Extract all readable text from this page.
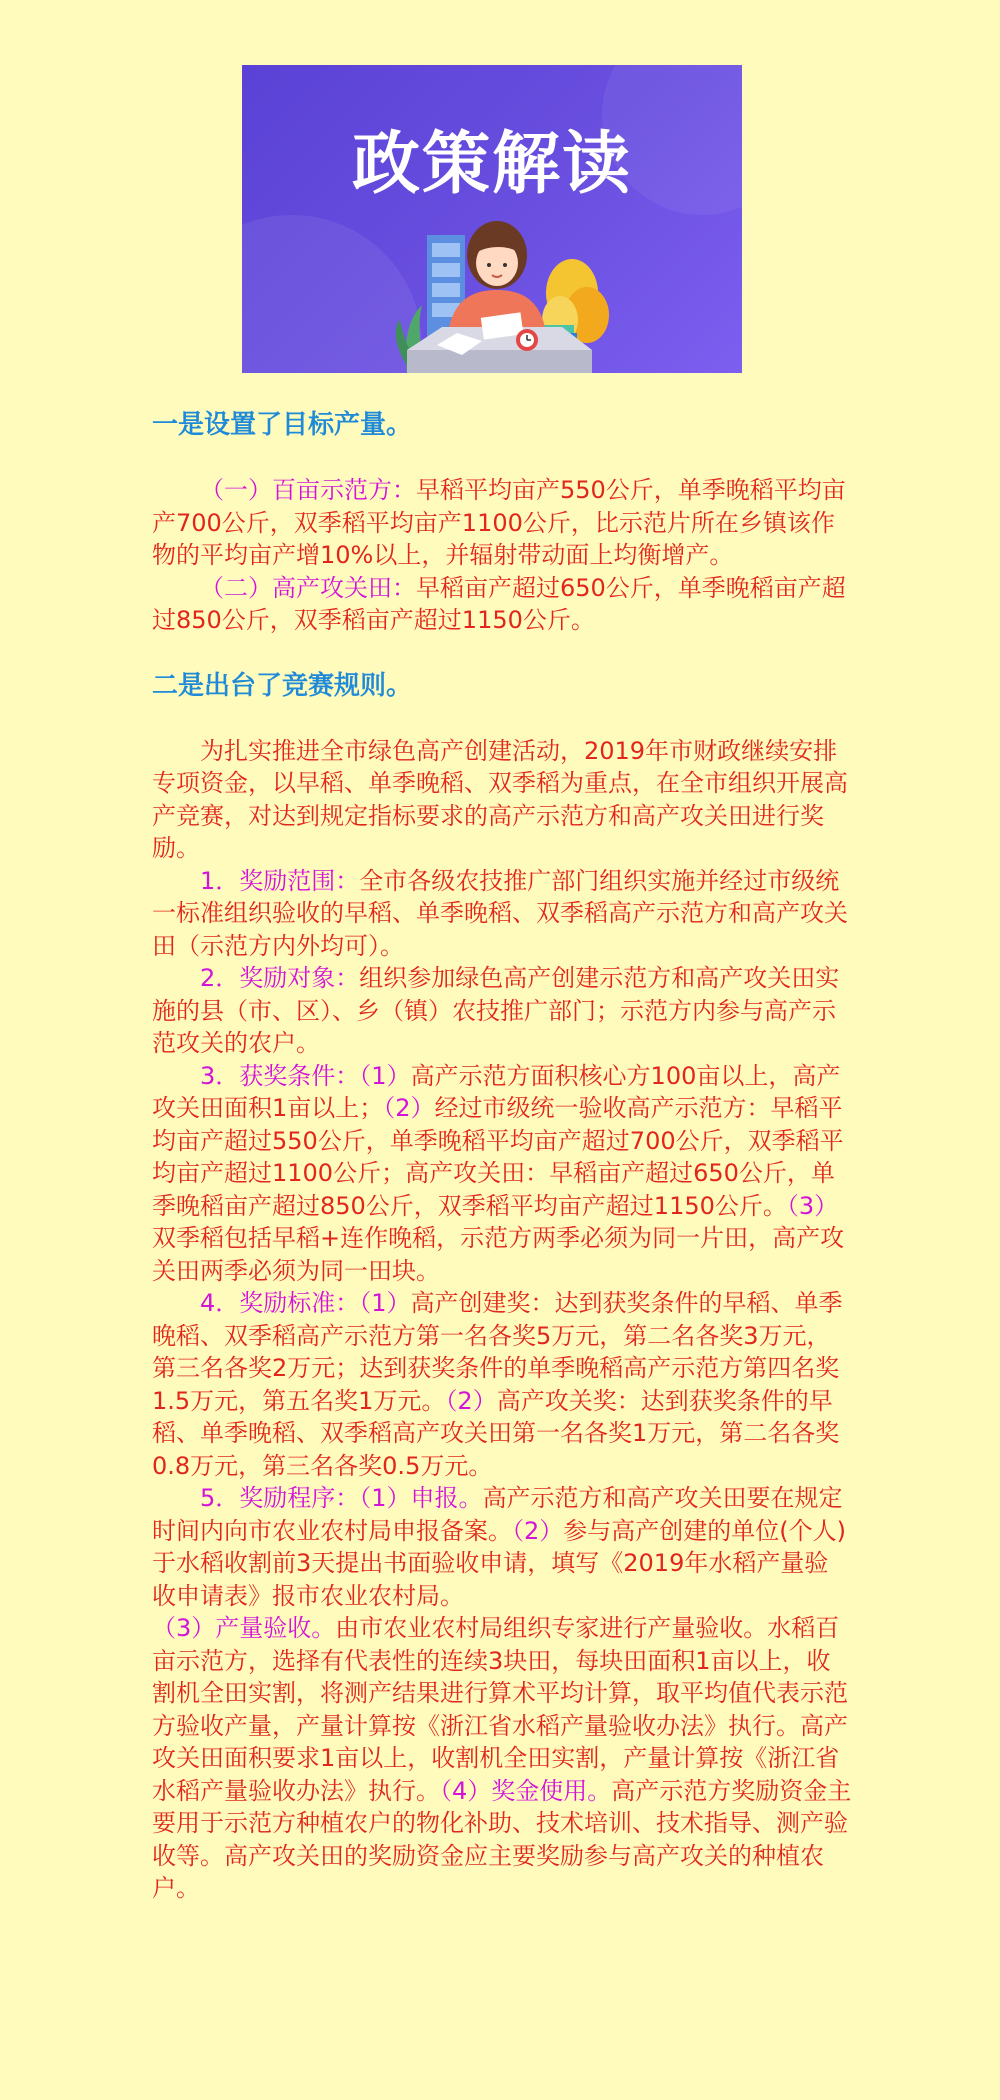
政策解读
一是设置了目标产量。

（一）百亩示范方：早稻平均亩产550公斤，单季晚稻平均亩产700公斤，双季稻平均亩产1100公斤，比示范片所在乡镇该作物的平均亩产增10%以上，并辐射带动面上均衡增产。

（二）高产攻关田：早稻亩产超过650公斤，单季晚稻亩产超过850公斤，双季稻亩产超过1150公斤。

二是出台了竞赛规则。

为扎实推进全市绿色高产创建活动，2019年市财政继续安排专项资金，以早稻、单季晚稻、双季稻为重点，在全市组织开展高产竞赛，对达到规定指标要求的高产示范方和高产攻关田进行奖励。

1．奖励范围：全市各级农技推广部门组织实施并经过市级统一标准组织验收的早稻、单季晚稻、双季稻高产示范方和高产攻关田（示范方内外均可）。

2．奖励对象：组织参加绿色高产创建示范方和高产攻关田实施的县（市、区）、乡（镇）农技推广部门；示范方内参与高产示范攻关的农户。

3．获奖条件：（1）高产示范方面积核心方100亩以上，高产攻关田面积1亩以上；（2）经过市级统一验收高产示范方：早稻平均亩产超过550公斤，单季晚稻平均亩产超过700公斤，双季稻平均亩产超过1100公斤；高产攻关田：早稻亩产超过650公斤，单季晚稻亩产超过850公斤，双季稻平均亩产超过1150公斤。（3）双季稻包括早稻+连作晚稻，示范方两季必须为同一片田，高产攻关田两季必须为同一田块。

4．奖励标准：（1）高产创建奖：达到获奖条件的早稻、单季晚稻、双季稻高产示范方第一名各奖5万元，第二名各奖3万元，第三名各奖2万元；达到获奖条件的单季晚稻高产示范方第四名奖1.5万元，第五名奖1万元。（2）高产攻关奖：达到获奖条件的早稻、单季晚稻、双季稻高产攻关田第一名各奖1万元，第二名各奖0.8万元，第三名各奖0.5万元。

5．奖励程序：（1）申报。高产示范方和高产攻关田要在规定时间内向市农业农村局申报备案。（2）参与高产创建的单位(个人)于水稻收割前3天提出书面验收申请，填写《2019年水稻产量验收申请表》报市农业农村局。

（3）产量验收。由市农业农村局组织专家进行产量验收。水稻百亩示范方，选择有代表性的连续3块田，每块田面积1亩以上，收割机全田实割，将测产结果进行算术平均计算，取平均值代表示范方验收产量，产量计算按《浙江省水稻产量验收办法》执行。高产攻关田面积要求1亩以上，收割机全田实割，产量计算按《浙江省水稻产量验收办法》执行。（4）奖金使用。高产示范方奖励资金主要用于示范方种植农户的物化补助、技术培训、技术指导、测产验收等。高产攻关田的奖励资金应主要奖励参与高产攻关的种植农户。
